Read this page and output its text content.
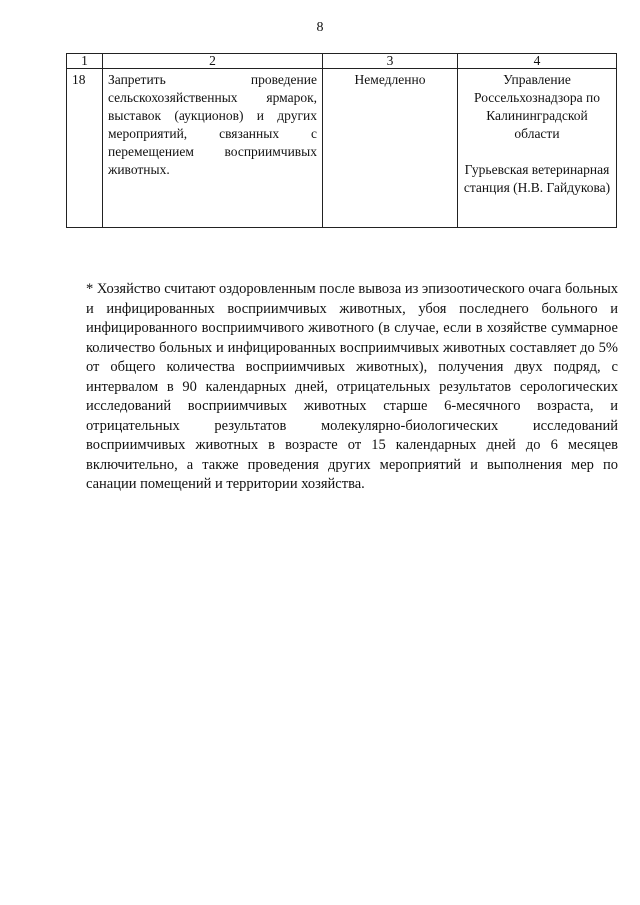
8
1	2	3	4
18	Запретить проведение сельскохозяйственных ярмарок, выставок (аукционов) и других мероприятий, связанных с перемещением восприимчивых животных.	Немедленно	Управление Россельхознадзора по Калининградской области
Гурьевская ветеринарная станция (Н.В. Гайдукова)
* Хозяйство считают оздоровленным после вывоза из эпизоотического очага больных и инфицированных восприимчивых животных, убоя последнего больного и инфицированного восприимчивого животного (в случае, если в хозяйстве суммарное количество больных и инфицированных восприимчивых животных составляет до 5% от общего количества восприимчивых животных), получения двух подряд, с интервалом в 90 календарных дней, отрицательных результатов серологических исследований восприимчивых животных старше 6-месячного возраста, и отрицательных результатов молекулярно-биологических исследований восприимчивых животных в возрасте от 15 календарных дней до 6 месяцев включительно, а также проведения других мероприятий и выполнения мер по санации помещений и территории хозяйства.
